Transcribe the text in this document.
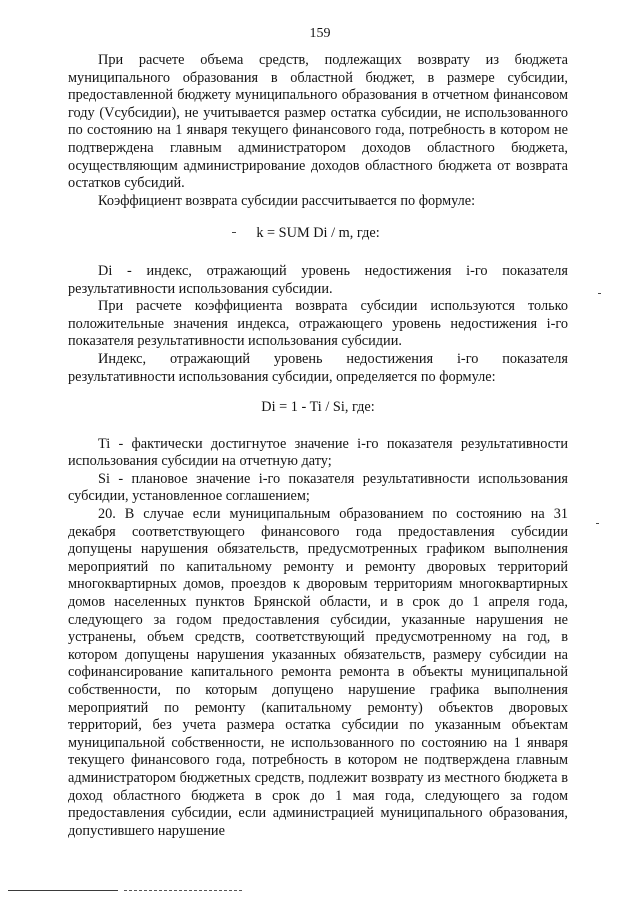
159

При расчете объема средств, подлежащих возврату из бюджета муниципального образования в областной бюджет, в размере субсидии, предоставленной бюджету муниципального образования в отчетном финансовом году (Vсубсидии), не учитывается размер остатка субсидии, не использованного по состоянию на 1 января текущего финансового года, потребность в котором не подтверждена главным администратором доходов областного бюджета, осуществляющим администрирование доходов областного бюджета от возврата остатков субсидий.

Коэффициент возврата субсидии рассчитывается по формуле:

k = SUM Di / m, где:

Di - индекс, отражающий уровень недостижения i-го показателя результативности использования субсидии.

При расчете коэффициента возврата субсидии используются только положительные значения индекса, отражающего уровень недостижения i-го показателя результативности использования субсидии.

Индекс, отражающий уровень недостижения i-го показателя результативности использования субсидии, определяется по формуле:

Di = 1 - Ti / Si, где:

Ti - фактически достигнутое значение i-го показателя результативности использования субсидии на отчетную дату;

Si - плановое значение i-го показателя результативности использования субсидии, установленное соглашением;

20. В случае если муниципальным образованием по состоянию на 31 декабря соответствующего финансового года предоставления субсидии допущены нарушения обязательств, предусмотренных графиком выполнения мероприятий по капитальному ремонту и ремонту дворовых территорий многоквартирных домов, проездов к дворовым территориям многоквартирных домов населенных пунктов Брянской области, и в срок до 1 апреля года, следующего за годом предоставления субсидии, указанные нарушения не устранены, объем средств, соответствующий предусмотренному на год, в котором допущены нарушения указанных обязательств, размеру субсидии на софинансирование капитального ремонта ремонта в объекты муниципальной собственности, по которым допущено нарушение графика выполнения мероприятий по ремонту (капитальному ремонту) объектов дворовых территорий, без учета размера остатка субсидии по указанным объектам муниципальной собственности, не использованного по состоянию на 1 января текущего финансового года, потребность в котором не подтверждена главным администратором бюджетных средств, подлежит возврату из местного бюджета в доход областного бюджета в срок до 1 мая года, следующего за годом предоставления субсидии, если администрацией муниципального образования, допустившего нарушение
